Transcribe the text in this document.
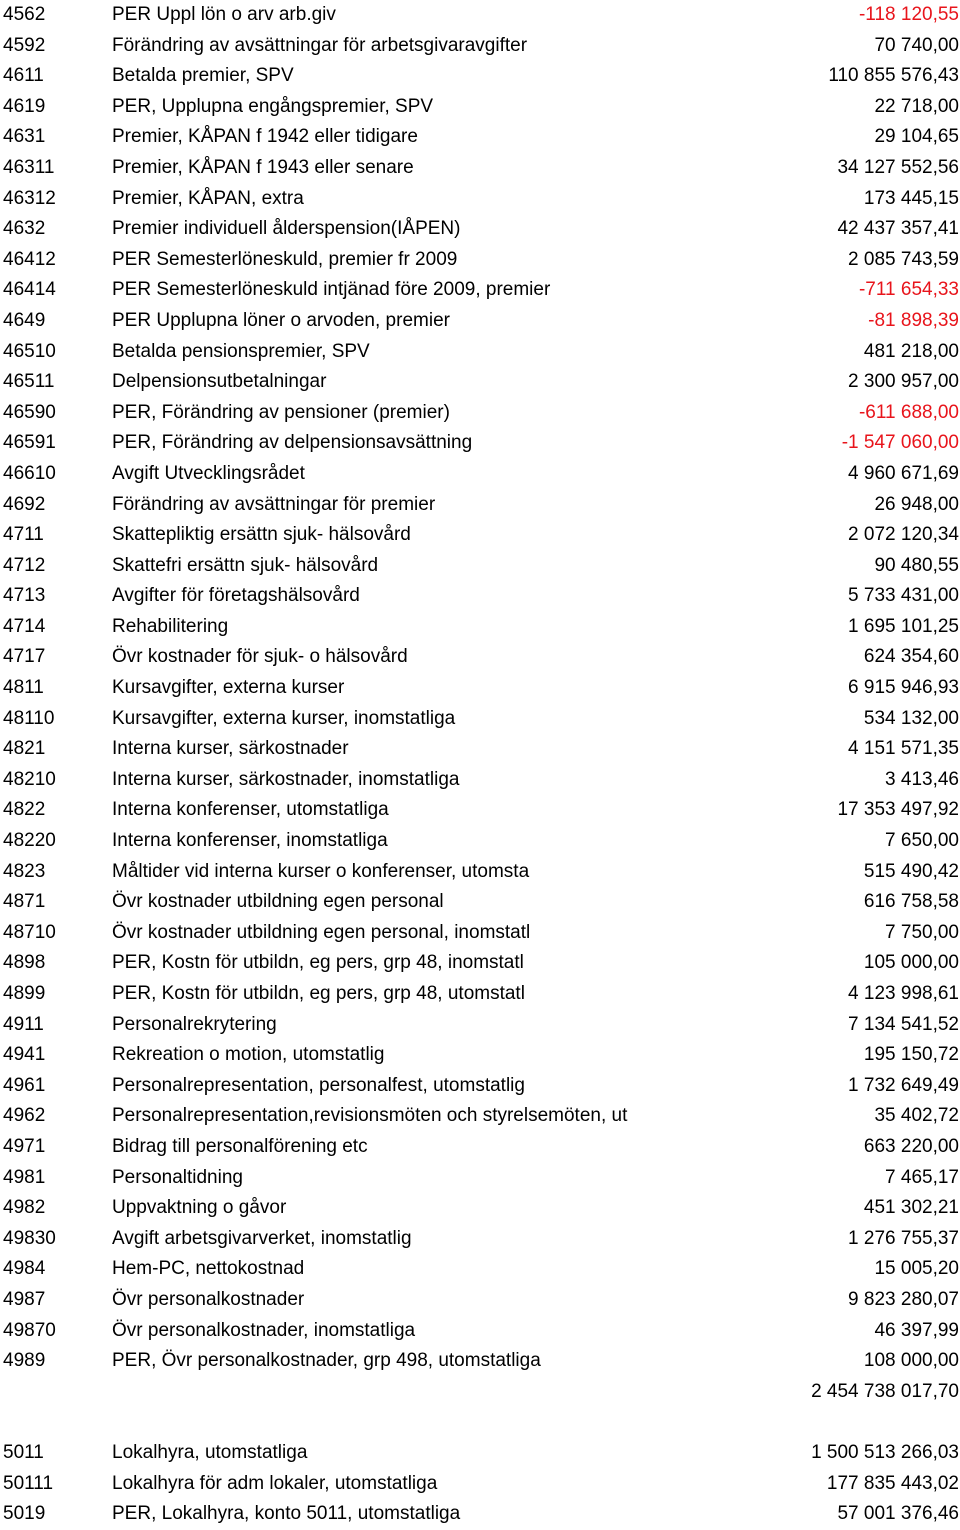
4562	PER Uppl lön o arv arb.giv	-118 120,55
4592	Förändring av avsättningar för arbetsgivaravgifter	70 740,00
4611	Betalda premier, SPV	110 855 576,43
4619	PER, Upplupna engångspremier, SPV	22 718,00
4631	Premier, KÅPAN f 1942 eller tidigare	29 104,65
46311	Premier, KÅPAN f 1943 eller senare	34 127 552,56
46312	Premier, KÅPAN, extra	173 445,15
4632	Premier individuell ålderspension(IÅPEN)	42 437 357,41
46412	PER Semesterlöneskuld, premier fr 2009	2 085 743,59
46414	PER Semesterlöneskuld intjänad före 2009, premier	-711 654,33
4649	PER Upplupna löner o arvoden, premier	-81 898,39
46510	Betalda pensionspremier, SPV	481 218,00
46511	Delpensionsutbetalningar	2 300 957,00
46590	PER, Förändring av pensioner (premier)	-611 688,00
46591	PER, Förändring av delpensionsavsättning	-1 547 060,00
46610	Avgift Utvecklingsrådet	4 960 671,69
4692	Förändring av avsättningar för premier	26 948,00
4711	Skattepliktig ersättn sjuk- hälsovård	2 072 120,34
4712	Skattefri ersättn sjuk- hälsovård	90 480,55
4713	Avgifter för företagshälsovård	5 733 431,00
4714	Rehabilitering	1 695 101,25
4717	Övr kostnader för sjuk- o hälsovård	624 354,60
4811	Kursavgifter, externa kurser	6 915 946,93
48110	Kursavgifter, externa kurser, inomstatliga	534 132,00
4821	Interna kurser, särkostnader	4 151 571,35
48210	Interna kurser, särkostnader, inomstatliga	3 413,46
4822	Interna konferenser, utomstatliga	17 353 497,92
48220	Interna konferenser, inomstatliga	7 650,00
4823	Måltider vid interna kurser o konferenser, utomsta	515 490,42
4871	Övr kostnader utbildning egen personal	616 758,58
48710	Övr kostnader utbildning egen personal, inomstatl	7 750,00
4898	PER, Kostn för utbildn, eg pers, grp 48, inomstatl	105 000,00
4899	PER, Kostn för utbildn, eg pers, grp 48, utomstatl	4 123 998,61
4911	Personalrekrytering	7 134 541,52
4941	Rekreation o motion, utomstatlig	195 150,72
4961	Personalrepresentation, personalfest, utomstatlig	1 732 649,49
4962	Personalrepresentation,revisionsmöten och styrelsemöten, ut	35 402,72
4971	Bidrag till personalförening etc	663 220,00
4981	Personaltidning	7 465,17
4982	Uppvaktning o gåvor	451 302,21
49830	Avgift arbetsgivarverket, inomstatlig	1 276 755,37
4984	Hem-PC, nettokostnad	15 005,20
4987	Övr personalkostnader	9 823 280,07
49870	Övr personalkostnader, inomstatliga	46 397,99
4989	PER, Övr personalkostnader, grp 498, utomstatliga	108 000,00
2 454 738 017,70
5011	Lokalhyra, utomstatliga	1 500 513 266,03
50111	Lokalhyra för adm lokaler, utomstatliga	177 835 443,02
5019	PER, Lokalhyra, konto 5011, utomstatliga	57 001 376,46
